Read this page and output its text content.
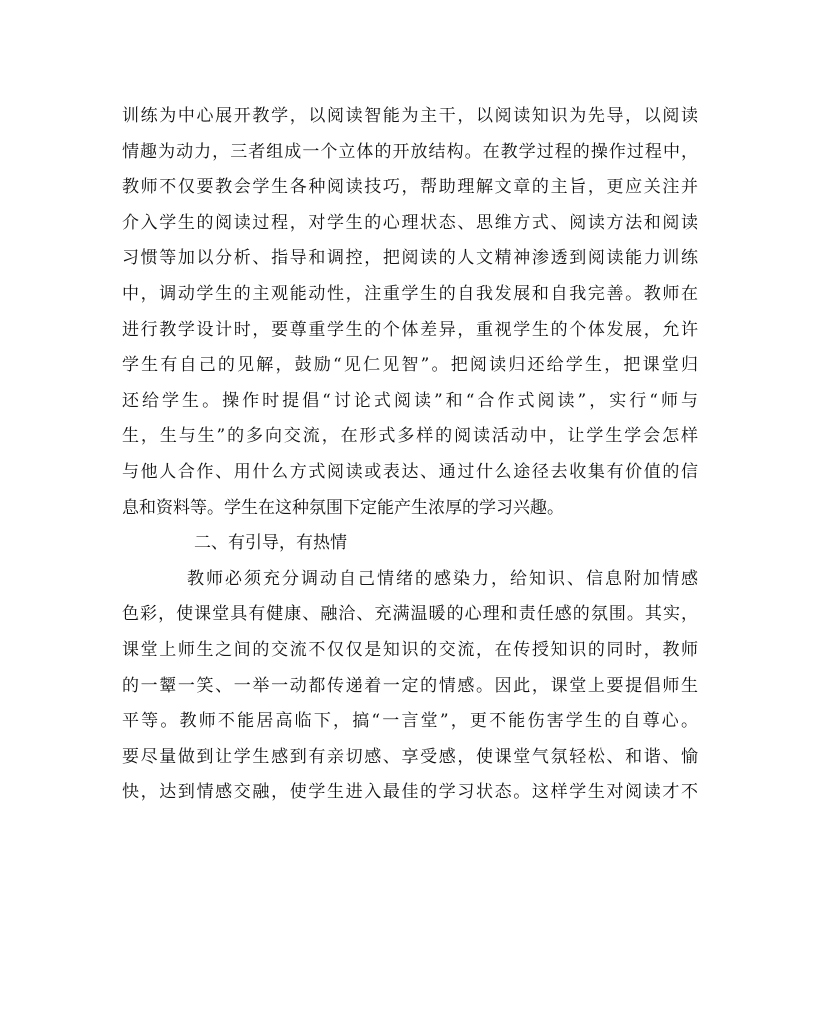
训练为中心展开教学，以阅读智能为主干，以阅读知识为先导，以阅读
情趣为动力，三者组成一个立体的开放结构。在教学过程的操作过程中，
教师不仅要教会学生各种阅读技巧，帮助理解文章的主旨，更应关注并
介入学生的阅读过程，对学生的心理状态、思维方式、阅读方法和阅读
习惯等加以分析、指导和调控，把阅读的人文精神渗透到阅读能力训练
中，调动学生的主观能动性，注重学生的自我发展和自我完善。教师在
进行教学设计时，要尊重学生的个体差异，重视学生的个体发展，允许
学生有自己的见解，鼓励“见仁见智”。把阅读归还给学生，把课堂归
还给学生。操作时提倡“讨论式阅读”和“合作式阅读”，实行“师与
生，生与生”的多向交流，在形式多样的阅读活动中，让学生学会怎样
与他人合作、用什么方式阅读或表达、通过什么途径去收集有价值的信
息和资料等。学生在这种氛围下定能产生浓厚的学习兴趣。
二、有引导，有热情
教师必须充分调动自己情绪的感染力，给知识、信息附加情感
色彩，使课堂具有健康、融洽、充满温暖的心理和责任感的氛围。其实，
课堂上师生之间的交流不仅仅是知识的交流，在传授知识的同时，教师
的一颦一笑、一举一动都传递着一定的情感。因此，课堂上要提倡师生
平等。教师不能居高临下，搞“一言堂”，更不能伤害学生的自尊心。
要尽量做到让学生感到有亲切感、享受感，使课堂气氛轻松、和谐、愉
快，达到情感交融，使学生进入最佳的学习状态。这样学生对阅读才不
